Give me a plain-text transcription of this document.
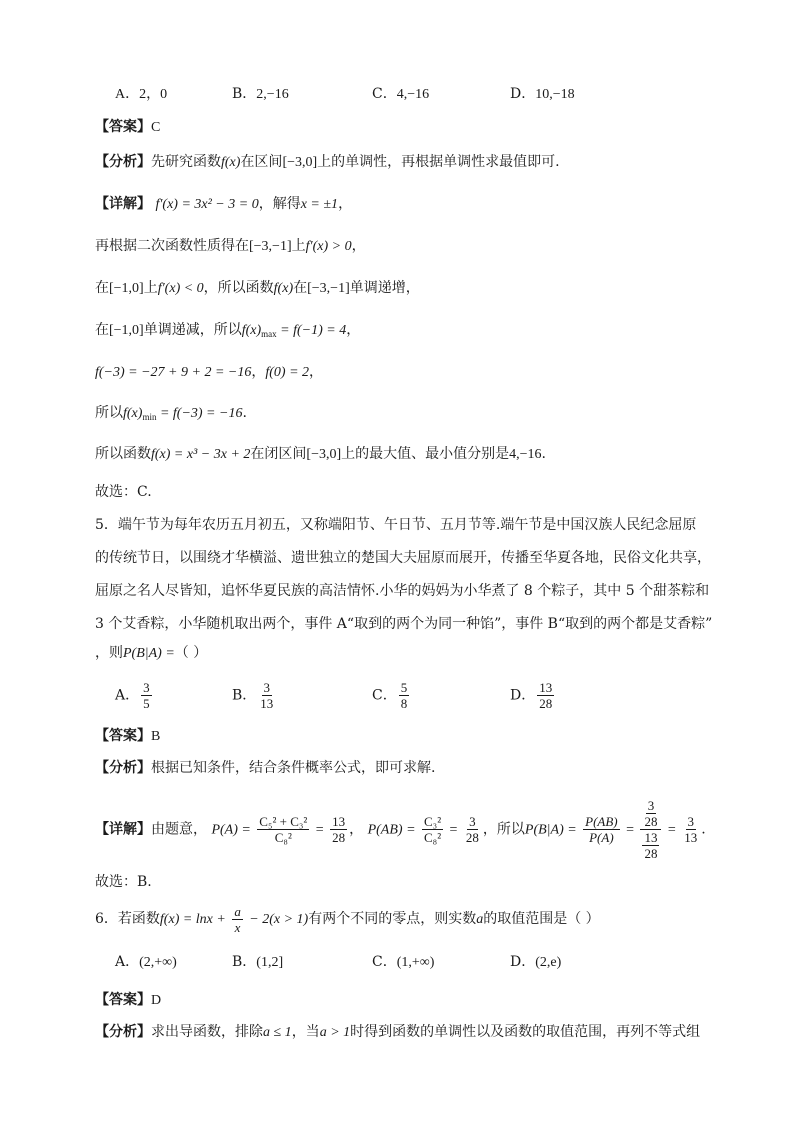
A．2，0	B．2,−16	C．4,−16	D．10,−18
【答案】C
【分析】先研究函数f(x)在区间[−3,0]上的单调性，再根据单调性求最值即可.
【详解】 f′(x) = 3x² − 3 = 0，解得x = ±1，
再根据二次函数性质得在[−3,−1]上f′(x) > 0，
在[−1,0]上f′(x) < 0，所以函数f(x)在[−3,−1]单调递增，
在[−1,0]单调递减，所以$f(x)_{max} = f(-1) = 4$，
f(−3) = −27 + 9 + 2 = −16，f(0) = 2，
所以$f(x)_{min} = f(-3) = -16$.
所以函数f(x) = x³ − 3x + 2在闭区间[−3,0]上的最大值、最小值分别是4,−16.
故选：C.
5．端午节为每年农历五月初五，又称端阳节、午日节、五月节等.端午节是中国汉族人民纪念屈原
的传统节日，以围绕才华横溢、遗世独立的楚国大夫屈原而展开，传播至华夏各地，民俗文化共享，
屈原之名人尽皆知，追怀华夏民族的高洁情怀.小华的妈妈为小华煮了 8 个粽子，其中 5 个甜茶粽和
3 个艾香粽，小华随机取出两个，事件 A“取到的两个为同一种馅”，事件 B“取到的两个都是艾香粽”
，则P(B|A) =（ ）
A． $\frac{3}{5}$	B． $\frac{3}{13}$	C． $\frac{5}{8}$	D． $\frac{13}{28}$
【答案】B
【分析】根据已知条件，结合条件概率公式，即可求解.
【详解】由题意， $P(A) = \frac{\text{C₅² + C₃²}}{\text{C₈²}} = \frac{13}{28}$ ， $P(AB) = \frac{\text{C₃²}}{\text{C₈²}} = \frac{3}{28}$ ，所以$P(B|A) = \frac{P(AB)}{P(A)} = \frac{\frac{3}{28}}{\frac{13}{28}} = \frac{3}{13}$ .
故选：B.
6．若函数$f(x) = \ln x + \frac{a}{x} - 2(x > 1)$有两个不同的零点，则实数a的取值范围是（ ）
A．(2,+∞)	B．(1,2]	C．(1,+∞)	D．(2,e)
【答案】D
【分析】求出导函数，排除a ≤ 1，当a > 1时得到函数的单调性以及函数的取值范围，再列不等式组
